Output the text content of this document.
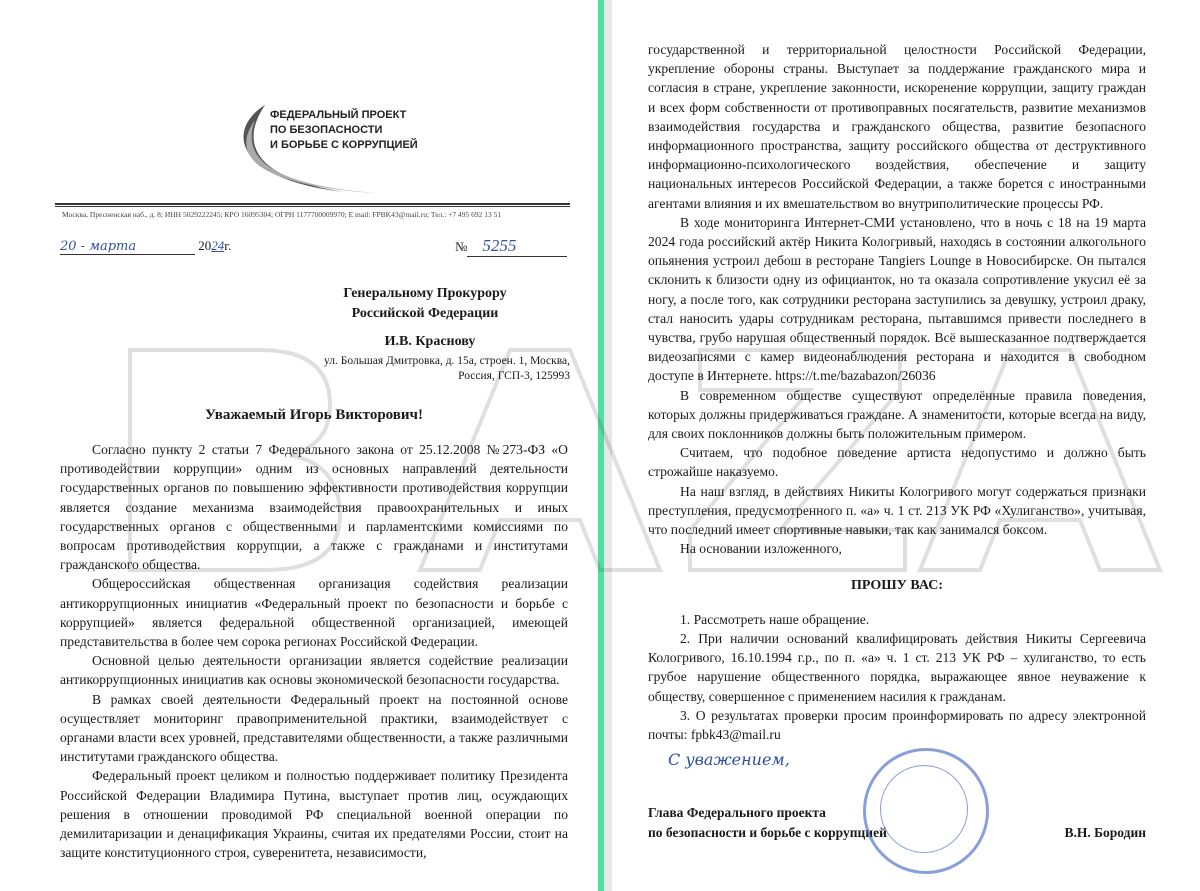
ФЕДЕРАЛЬНЫЙ ПРОЕКТ
ПО БЕЗОПАСНОСТИ
И БОРЬБЕ С КОРРУПЦИЕЙ
Москва, Пресненская наб., д. 8; ИНН 5029222245; КРО 16095304; ОГРН 1177700009970; E mail: FPBK43@mail.ru; Тел.: +7 495 692 13 51
20 - марта	2024г.	№ 5255
Генеральному Прокурору
Российской Федерации
И.В. Краснову
ул. Большая Дмитровка, д. 15а, строен. 1, Москва,
Россия, ГСП-3, 125993
Уважаемый Игорь Викторович!

Согласно пункту 2 статьи 7 Федерального закона от 25.12.2008 №273-ФЗ «О противодействии коррупции» одним из основных направлений деятельности государственных органов по повышению эффективности противодействия коррупции является создание механизма взаимодействия правоохранительных и иных государственных органов с общественными и парламентскими комиссиями по вопросам противодействия коррупции, а также с гражданами и институтами гражданского общества.

Общероссийская общественная организация содействия реализации антикоррупционных инициатив «Федеральный проект по безопасности и борьбе с коррупцией» является федеральной общественной организацией, имеющей представительства в более чем сорока регионах Российской Федерации.

Основной целью деятельности организации является содействие реализации антикоррупционных инициатив как основы экономической безопасности государства.

В рамках своей деятельности Федеральный проект на постоянной основе осуществляет мониторинг правоприменительной практики, взаимодействует с органами власти всех уровней, представителями общественности, а также различными институтами гражданского общества.

Федеральный проект целиком и полностью поддерживает политику Президента Российской Федерации Владимира Путина, выступает против лиц, осуждающих решения в отношении проводимой РФ специальной военной операции по демилитаризации и денацификация Украины, считая их предателями России, стоит на защите конституционного строя, суверенитета, независимости,

государственной и территориальной целостности Российской Федерации, укрепление обороны страны. Выступает за поддержание гражданского мира и согласия в стране, укрепление законности, искоренение коррупции, защиту граждан и всех форм собственности от противоправных посягательств, развитие механизмов взаимодействия государства и гражданского общества, развитие безопасного информационного пространства, защиту российского общества от деструктивного информационно-психологического воздействия, обеспечение и защиту национальных интересов Российской Федерации, а также борется с иностранными агентами влияния и их вмешательством во внутриполитические процессы РФ.

В ходе мониторинга Интернет-СМИ установлено, что в ночь с 18 на 19 марта 2024 года российский актёр Никита Кологривый, находясь в состоянии алкогольного опьянения устроил дебош в ресторане Tangiers Lounge в Новосибирске. Он пытался склонить к близости одну из официанток, но та оказала сопротивление укусил её за ногу, а после того, как сотрудники ресторана заступились за девушку, устроил драку, стал наносить удары сотрудникам ресторана, пытавшимся привести последнего в чувства, грубо нарушая общественный порядок. Всё вышесказанное подтверждается видеозаписями с камер видеонаблюдения ресторана и находится в свободном доступе в Интернете. https://t.me/bazabazon/26036

В современном обществе существуют определённые правила поведения, которых должны придерживаться граждане. А знаменитости, которые всегда на виду, для своих поклонников должны быть положительным примером.

Считаем, что подобное поведение артиста недопустимо и должно быть строжайше наказуемо.

На наш взгляд, в действиях Никиты Кологривого могут содержаться признаки преступления, предусмотренного п. «а» ч. 1 ст. 213 УК РФ «Хулиганство», учитывая, что последний имеет спортивные навыки, так как занимался боксом.

На основании изложенного,

ПРОШУ ВАС:

1. Рассмотреть наше обращение.

2. При наличии оснований квалифицировать действия Никиты Сергеевича Кологривого, 16.10.1994 г.р., по п. «а» ч. 1 ст. 213 УК РФ – хулиганство, то есть грубое нарушение общественного порядка, выражающее явное неуважение к обществу, совершенное с применением насилия к гражданам.

3. О результатах проверки просим проинформировать по адресу электронной почты: fpbk43@mail.ru

С уважением,
Глава Федерального проекта
по безопасности и борьбе с коррупцией	В.Н. Бородин
